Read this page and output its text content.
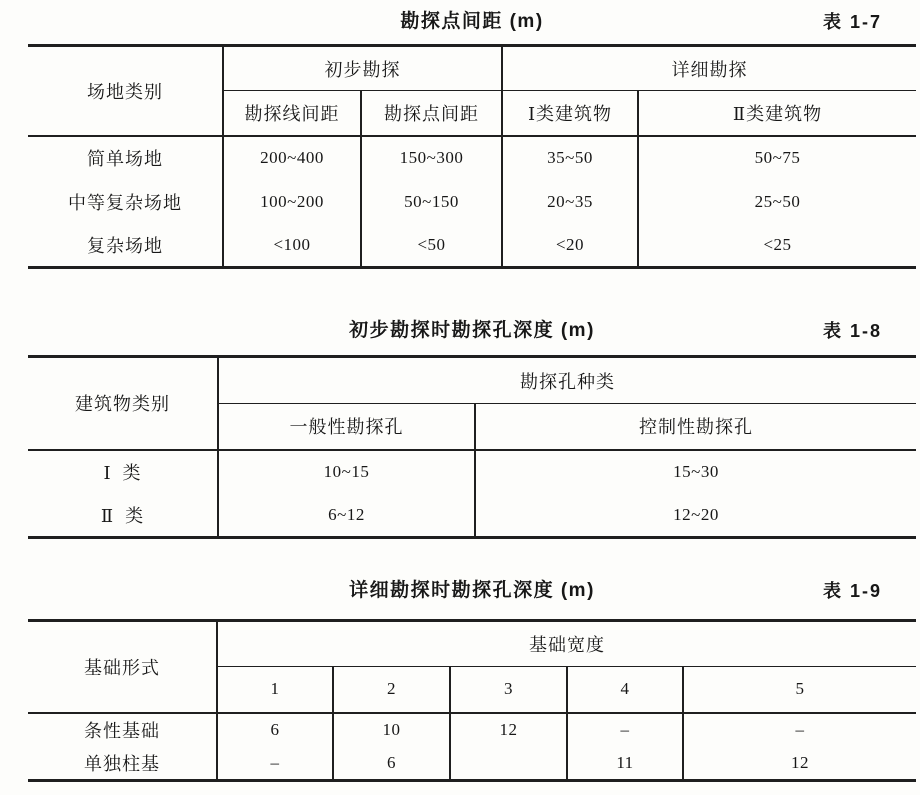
勘探点间距 (m)	表 1-7
场地类别	初步勘探		详细勘探	
	勘探线间距	勘探点间距	Ⅰ类建筑物	Ⅱ类建筑物
简单场地	200~400	150~300	35~50	50~75
中等复杂场地	100~200	50~150	20~35	25~50
复杂场地	<100	<50	<20	<25
初步勘探时勘探孔深度 (m)	表 1-8
建筑物类别	勘探孔种类	
	一般性勘探孔	控制性勘探孔
Ⅰ  类	10~15	15~30
Ⅱ  类	6~12	12~20
详细勘探时勘探孔深度 (m)	表 1-9
基础形式	基础宽度				
	1	2	3	4	5
条性基础	6	10	12	–	–
单独柱基	–	6		11	12
